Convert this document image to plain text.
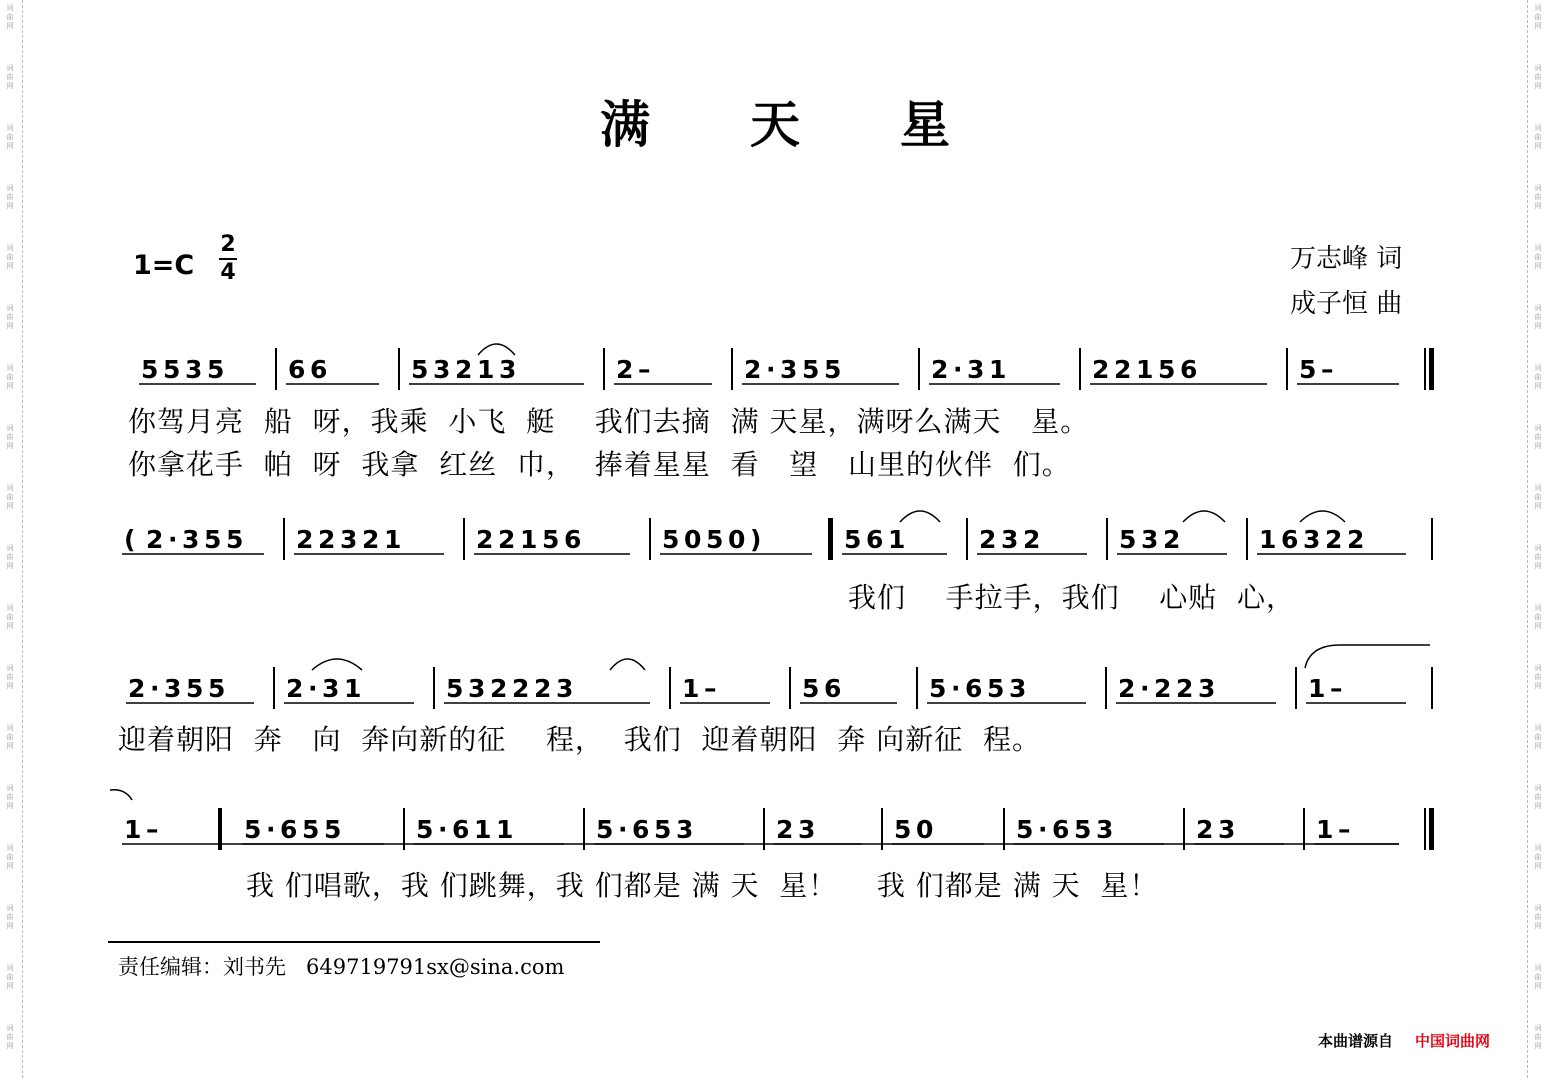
词
曲
网
词
曲
网
词
曲
网
词
曲
网
词
曲
网
词
曲
网
词
曲
网
词
曲
网
词
曲
网
词
曲
网
词
曲
网
词
曲
网
词
曲
网
词
曲
网
词
曲
网
词
曲
网
词
曲
网
词
曲
网
词
曲
网
词
曲
网
词
曲
网
词
曲
网
词
曲
网
词
曲
网
词
曲
网
词
曲
网
词
曲
网
词
曲
网
词
曲
网
词
曲
网
词
曲
网
词
曲
网
词
曲
网
词
曲
网
词
曲
网
词
曲
网
满天星
1=C
2
4	万志峰 词
成子恒 曲
5 5 3 5	6 6	5 3 2 1 3	2 –	2 · 3 5 5	2 · 3 1	2 2 1 5 6	5 –
( 2 · 3 5 5 2 2 3 2 1	2 2 1 5 6	5 0 5 0 )	5 6 1	2 3 2	5 3 2	1 6 3 2 2
2 · 3 5 5 2 · 3 1	5 3 2 2 2 3	1 –	5 6	5 · 6 5 3	2 · 2 2 3	1 –
1 –	5 · 6 5 5	5 · 6 1 1	5 · 6 5 3	2 3	5 0	5 · 6 5 3	2 3	1 –
你驾月亮  船  呀，我乘  小飞  艇    我们去摘  满 天星，满呀么满天   星。
你拿花手  帕  呀  我拿  红丝  巾，  捧着星星  看   望   山里的伙伴  们。
我们    手拉手，我们    心贴  心，
迎着朝阳  奔   向  奔向新的征    程，  我们  迎着朝阳  奔 向新征  程。
我 们唱歌，我 们跳舞，我 们都是 满 天  星！    我 们都是 满 天  星！
责任编辑：刘书先   649719791sx@sina.com
本曲谱源自 中国词曲网
